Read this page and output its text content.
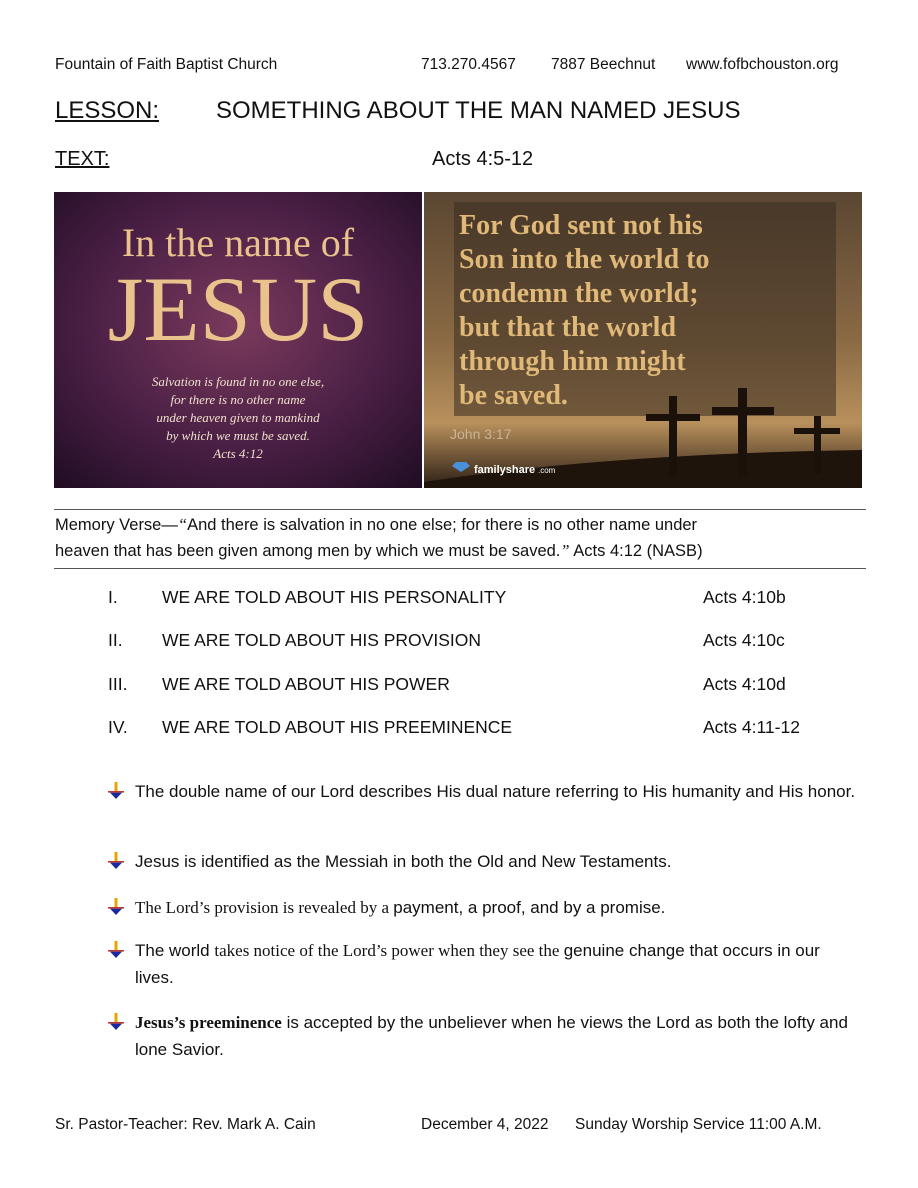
Fountain of Faith Baptist Church	713.270.4567 7887 Beechnut www.fofbchouston.org
LESSON: SOMETHING ABOUT THE MAN NAMED JESUS
TEXT:	Acts 4:5-12
In the name of
JESUS
Salvation is found in no one else,
for there is no other name
under heaven given to mankind
by which we must be saved.
Acts 4:12
For God sent not his
Son into the world to
condemn the world;
but that the world
through him might
be saved.
John 3:17
familyshare .com
Memory Verse—“And there is salvation in no one else; for there is no other name under
heaven that has been given among men by which we must be saved.” Acts 4:12 (NASB)
I.	WE ARE TOLD ABOUT HIS PERSONALITY	Acts 4:10b
II. WE ARE TOLD ABOUT HIS PROVISION	Acts 4:10c
III. WE ARE TOLD ABOUT HIS POWER	Acts 4:10d
IV. WE ARE TOLD ABOUT HIS PREEMINENCE	Acts 4:11-12
The double name of our Lord describes His dual nature referring to His humanity and His honor.
Jesus is identified as the Messiah in both the Old and New Testaments.
The Lord’s provision is revealed by a payment, a proof, and by a promise.
The world takes notice of the Lord’s power when they see the genuine change that occurs in our lives.
Jesus’s preeminence is accepted by the unbeliever when he views the Lord as both the lofty and lone Savior.
Sr. Pastor-Teacher: Rev. Mark A. Cain	December 4, 2022 Sunday Worship Service 11:00 A.M.
